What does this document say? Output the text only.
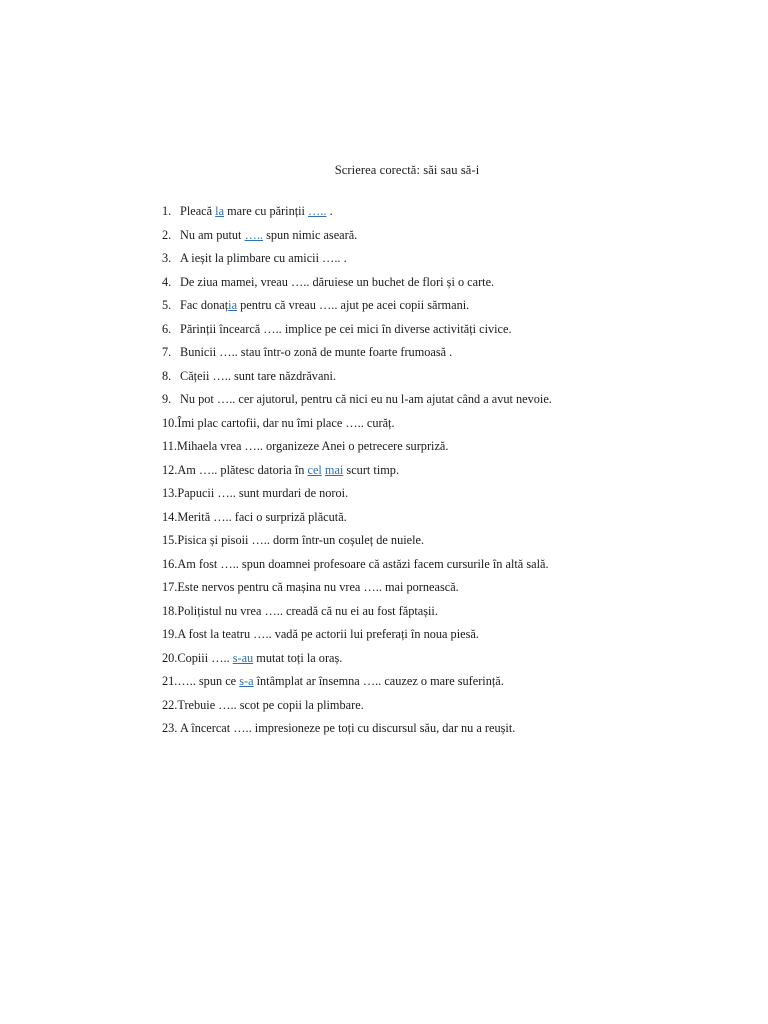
Scrierea corectă: săi sau să-i
1. Pleacă la mare cu părinții ….. .
2. Nu am putut ….. spun nimic aseară.
3. A ieșit la plimbare cu amicii ….. .
4. De ziua mamei, vreau ….. dăruiese un buchet de flori și o carte.
5. Fac donația pentru că vreau ….. ajut pe acei copii sărmani.
6. Părinții încearcă ….. implice pe cei mici în diverse activități civice.
7. Bunicii ….. stau într-o zonă de munte foarte frumoasă .
8. Cățeii ….. sunt tare năzdrăvani.
9. Nu pot ….. cer ajutorul, pentru că nici eu nu l-am ajutat când a avut nevoie.
10.Îmi plac cartofii, dar nu îmi place ….. curăț.
11.Mihaela vrea ….. organizeze Anei o petrecere surpriză.
12.Am ….. plătesc datoria în cel mai scurt timp.
13.Papucii ….. sunt murdari de noroi.
14.Merită ….. faci o surpriză plăcută.
15.Pisica și pisoii ….. dorm într-un coșuleț de nuiele.
16.Am fost ….. spun doamnei profesoare că astăzi facem cursurile în altă sală.
17.Este nervos pentru că mașina nu vrea ….. mai pornească.
18.Polițistul nu vrea ….. creadă că nu ei au fost făptașii.
19.A fost la teatru ….. vadă pe actorii lui preferați în noua piesă.
20.Copiii ….. s-au mutat toți la oraș.
21.….. spun ce s-a întâmplat ar însemna ….. cauzez o mare suferință.
22.Trebuie ….. scot pe copii la plimbare.
23. A încercat ….. impresioneze pe toți cu discursul său, dar nu a reușit.
